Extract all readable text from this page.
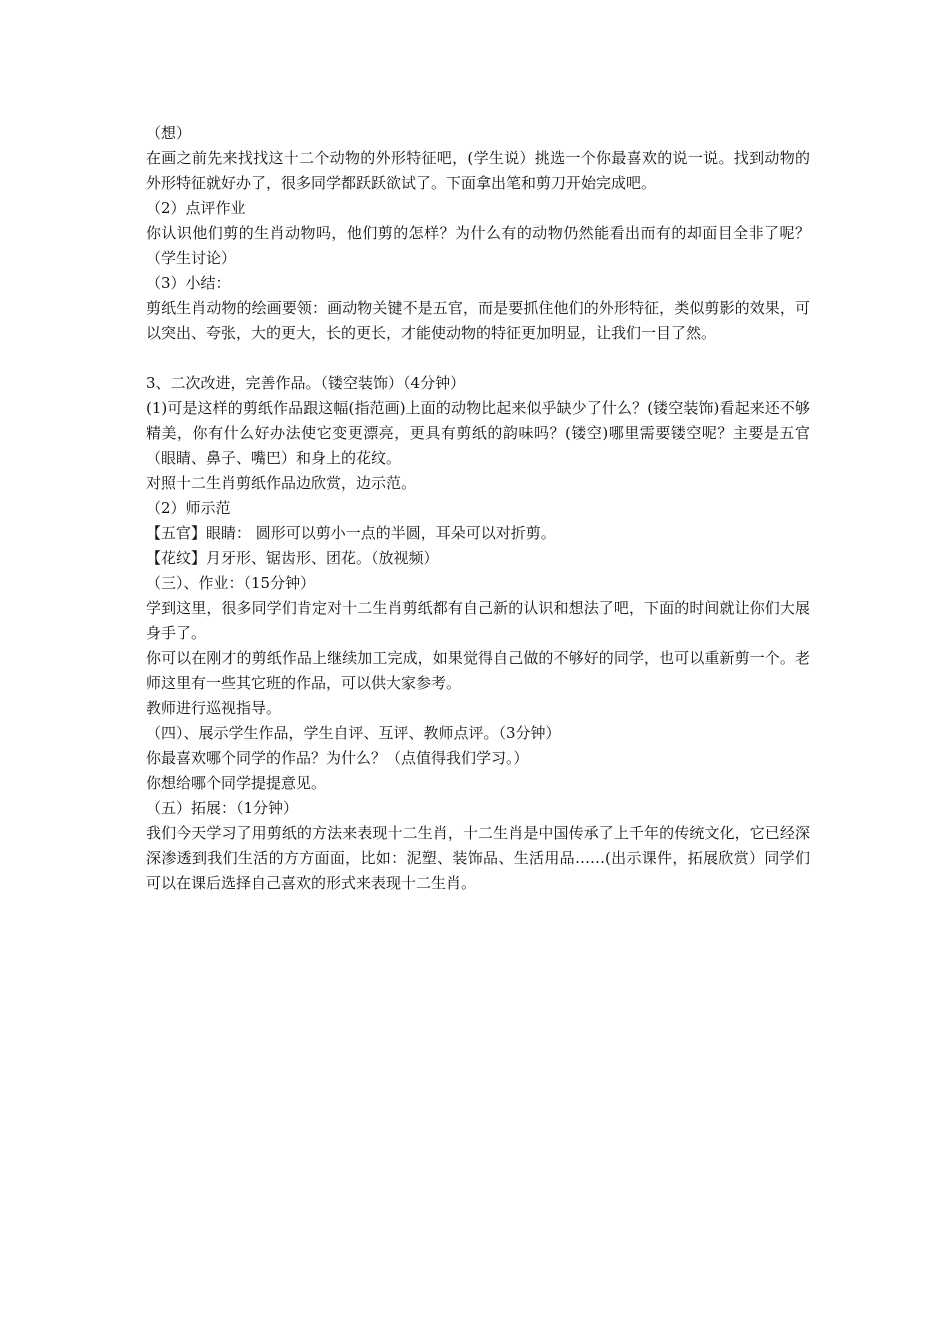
（想）

在画之前先来找找这十二个动物的外形特征吧，(学生说）挑选一个你最喜欢的说一说。找到动物的外形特征就好办了，很多同学都跃跃欲试了。下面拿出笔和剪刀开始完成吧。

（2）点评作业

你认识他们剪的生肖动物吗，他们剪的怎样？为什么有的动物仍然能看出而有的却面目全非了呢？（学生讨论）

（3）小结：

剪纸生肖动物的绘画要领：画动物关键不是五官，而是要抓住他们的外形特征，类似剪影的效果，可以突出、夸张，大的更大，长的更长，才能使动物的特征更加明显，让我们一目了然。

3、二次改进，完善作品。（镂空装饰）（4分钟）

(1)可是这样的剪纸作品跟这幅(指范画)上面的动物比起来似乎缺少了什么？(镂空装饰)看起来还不够精美，你有什么好办法使它变更漂亮，更具有剪纸的韵味吗？(镂空)哪里需要镂空呢？主要是五官（眼睛、鼻子、嘴巴）和身上的花纹。

对照十二生肖剪纸作品边欣赏，边示范。

（2）师示范

【五官】眼睛： 圆形可以剪小一点的半圆，耳朵可以对折剪。

【花纹】月牙形、锯齿形、团花。（放视频）

（三）、作业：（15分钟）

学到这里，很多同学们肯定对十二生肖剪纸都有自己新的认识和想法了吧，下面的时间就让你们大展身手了。

你可以在刚才的剪纸作品上继续加工完成，如果觉得自己做的不够好的同学，也可以重新剪一个。老师这里有一些其它班的作品，可以供大家参考。

教师进行巡视指导。

（四）、展示学生作品，学生自评、互评、教师点评。（3分钟）

你最喜欢哪个同学的作品？为什么？（点值得我们学习。）

你想给哪个同学提提意见。

（五）拓展：（1分钟）

我们今天学习了用剪纸的方法来表现十二生肖，十二生肖是中国传承了上千年的传统文化，它已经深深渗透到我们生活的方方面面，比如：泥塑、装饰品、生活用品……(出示课件，拓展欣赏）同学们可以在课后选择自己喜欢的形式来表现十二生肖。
